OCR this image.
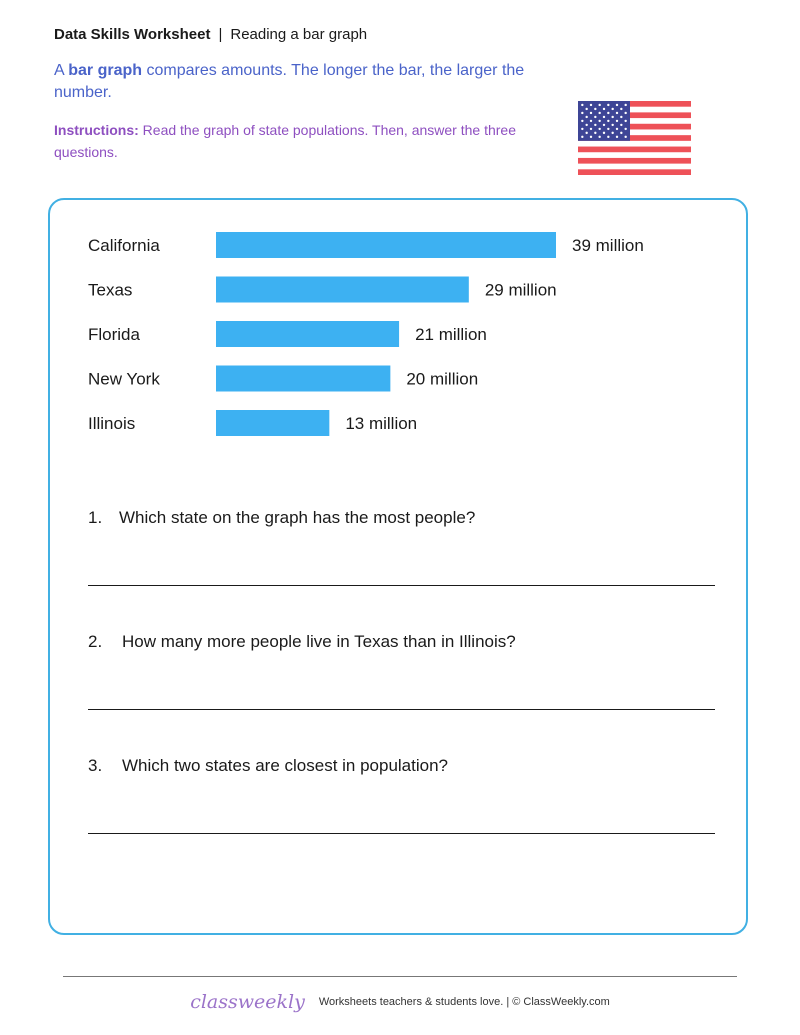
Data Skills Worksheet | Reading a bar graph
A bar graph compares amounts. The longer the bar, the larger the number.
Instructions: Read the graph of state populations. Then, answer the three questions.
California	39 million
Texas	29 million
Florida	21 million
New York	20 million
Illinois	13 million
1. Which state on the graph has the most people?
2. How many more people live in Texas than in Illinois?
3. Which two states are closest in population?
classweekly Worksheets teachers & students love. | © ClassWeekly.com
